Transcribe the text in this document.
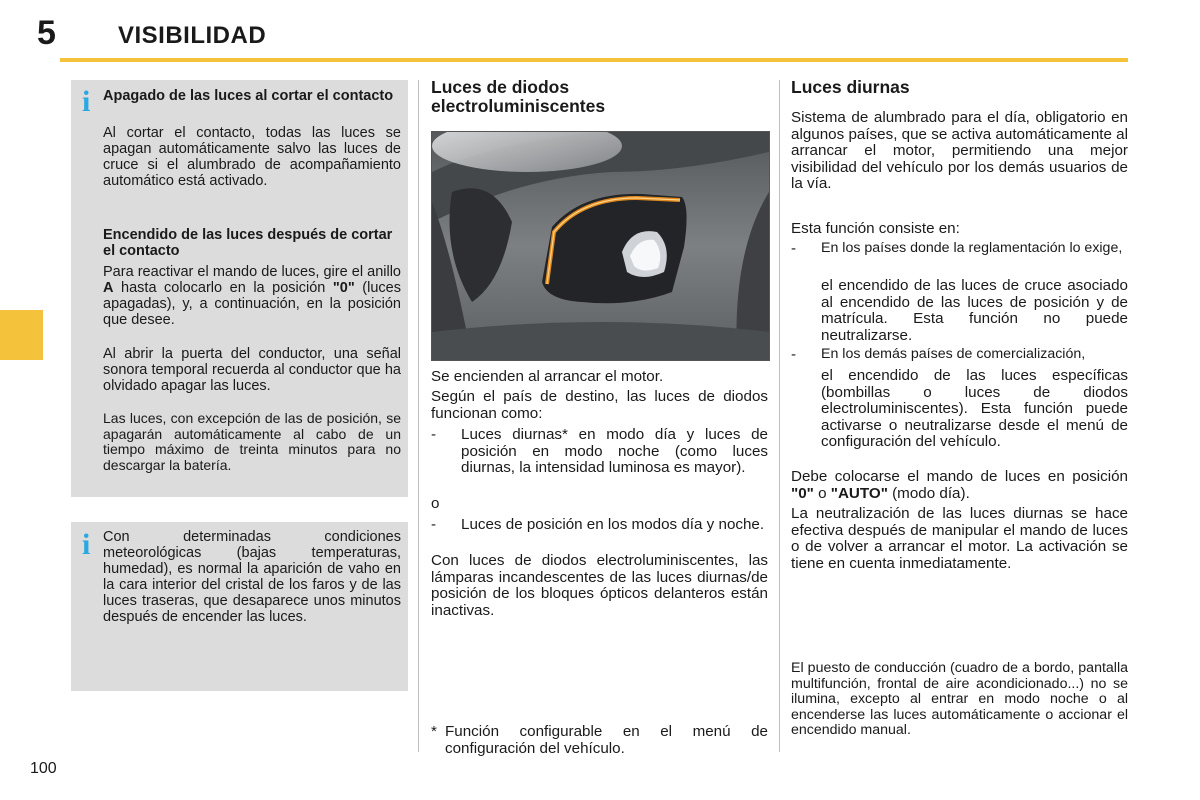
5	VISIBILIDAD
i Apagado de las luces al cortar el contacto

Al cortar el contacto, todas las luces se apagan automáticamente salvo las luces de cruce si el alumbrado de acompañamiento automático está activado.

Encendido de las luces después de cortar el contacto

Para reactivar el mando de luces, gire el anillo A hasta colocarlo en la posición "0" (luces apagadas), y, a continuación, en la posición que desee.

Al abrir la puerta del conductor, una señal sonora temporal recuerda al conductor que ha olvidado apagar las luces.

Las luces, con excepción de las de posición, se apagarán automáticamente al cabo de un tiempo máximo de treinta minutos para no descargar la batería.

i Con determinadas condiciones meteorológicas (bajas temperaturas, humedad), es normal la aparición de vaho en la cara interior del cristal de los faros y de las luces traseras, que desaparece unos minutos después de encender las luces.

Luces de diodos electroluminiscentes

Se encienden al arrancar el motor.

Según el país de destino, las luces de diodos funcionan como:

- Luces diurnas* en modo día y luces de posición en modo noche (como luces diurnas, la intensidad luminosa es mayor).

o
- Luces de posición en los modos día y noche.

Con luces de diodos electroluminiscentes, las lámparas incandescentes de las luces diurnas/de posición de los bloques ópticos delanteros están inactivas.

* Función configurable en el menú de configuración del vehículo.

Luces diurnas

Sistema de alumbrado para el día, obligatorio en algunos países, que se activa automáticamente al arrancar el motor, permitiendo una mejor visibilidad del vehículo por los demás usuarios de la vía.

Esta función consiste en:

- En los países donde la reglamentación lo exige,

el encendido de las luces de cruce asociado al encendido de las luces de posición y de matrícula. Esta función no puede neutralizarse.

- En los demás países de comercialización,

el encendido de las luces específicas (bombillas o luces de diodos electroluminiscentes). Esta función puede activarse o neutralizarse desde el menú de configuración del vehículo.

Debe colocarse el mando de luces en posición "0" o "AUTO" (modo día).

La neutralización de las luces diurnas se hace efectiva después de manipular el mando de luces o de volver a arrancar el motor. La activación se tiene en cuenta inmediatamente.

El puesto de conducción (cuadro de a bordo, pantalla multifunción, frontal de aire acondicionado...) no se ilumina, excepto al entrar en modo noche o al encenderse las luces automáticamente o accionar el encendido manual.

100
